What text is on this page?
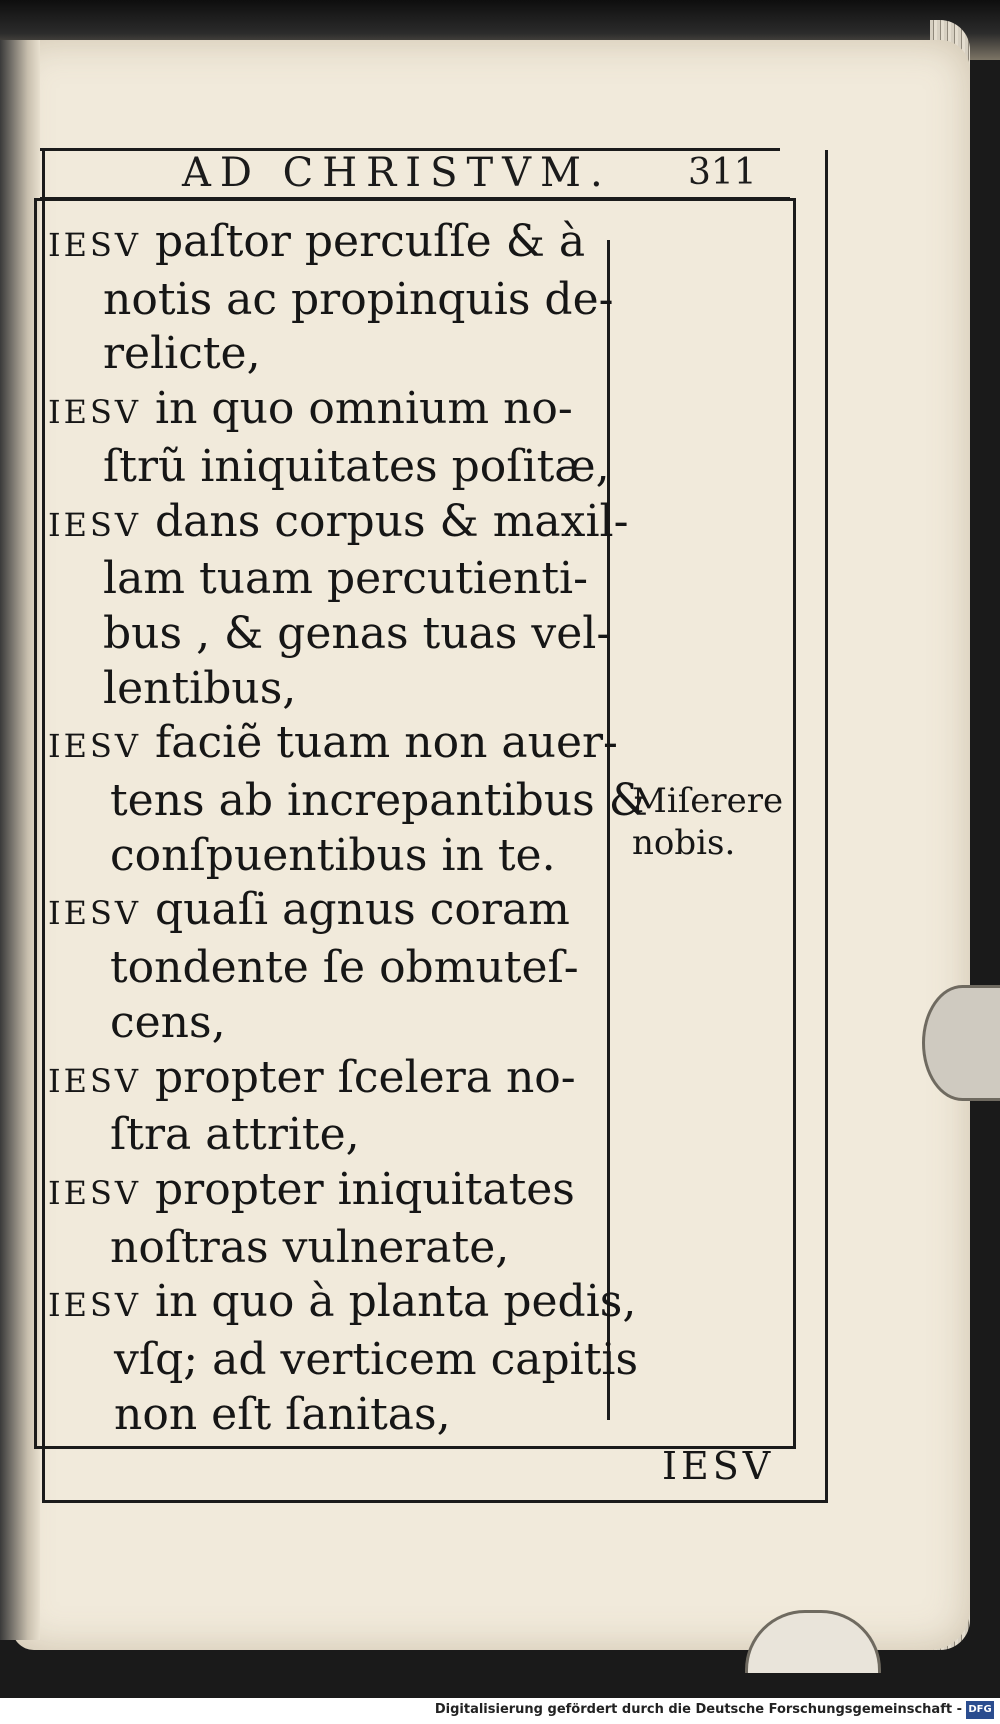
AD CHRISTVM. 311
IESV paſtor percuſſe & à
notis ac propinquis de-
relicte,
IESV in quo omnium no-
ſtrũ iniquitates poſitæ,
IESV dans corpus & maxil-
lam tuam percutienti-
bus , & genas tuas vel-
lentibus,
IESV faciẽ tuam non auer-
tens ab increpantibus &
conſpuentibus in te.
IESV quaſi agnus coram
tondente ſe obmuteſ-
cens,
IESV propter ſcelera no-
ſtra attrite,
IESV propter iniquitates
noſtras vulnerate,
IESV in quo à planta pedis,
vſq; ad verticem capitis
non eſt ſanitas,
Miſerere
nobis.
IESV
Digitalisierung gefördert durch die Deutsche Forschungsgemeinschaft - DFG
